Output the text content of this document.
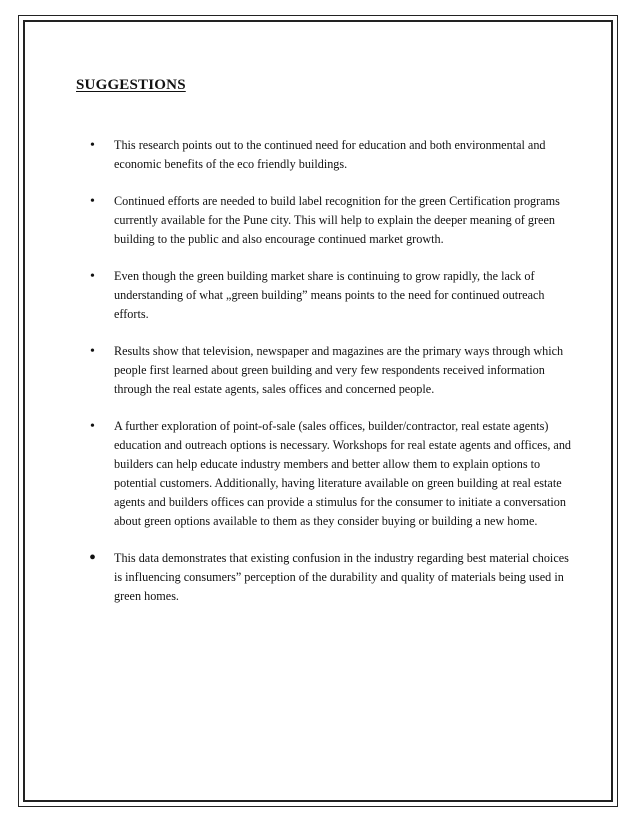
SUGGESTIONS
• This research points out to the continued need for education and both environmental and economic benefits of the eco friendly buildings.
• Continued efforts are needed to build label recognition for the green Certification programs currently available for the Pune city. This will help to explain the deeper meaning of green building to the public and also encourage continued market growth.
• Even though the green building market share is continuing to grow rapidly, the lack of understanding of what „green building” means points to the need for continued outreach efforts.
• Results show that television, newspaper and magazines are the primary ways through which people first learned about green building and very few respondents received information through the real estate agents, sales offices and concerned people.
• A further exploration of point-of-sale (sales offices, builder/contractor, real estate agents) education and outreach options is necessary. Workshops for real estate agents and offices, and builders can help educate industry members and better allow them to explain options to potential customers. Additionally, having literature available on green building at real estate agents and builders offices can provide a stimulus for the consumer to initiate a conversation about green options available to them as they consider buying or building a new home.
• This data demonstrates that existing confusion in the industry regarding best material choices is influencing consumers” perception of the durability and quality of materials being used in green homes.
